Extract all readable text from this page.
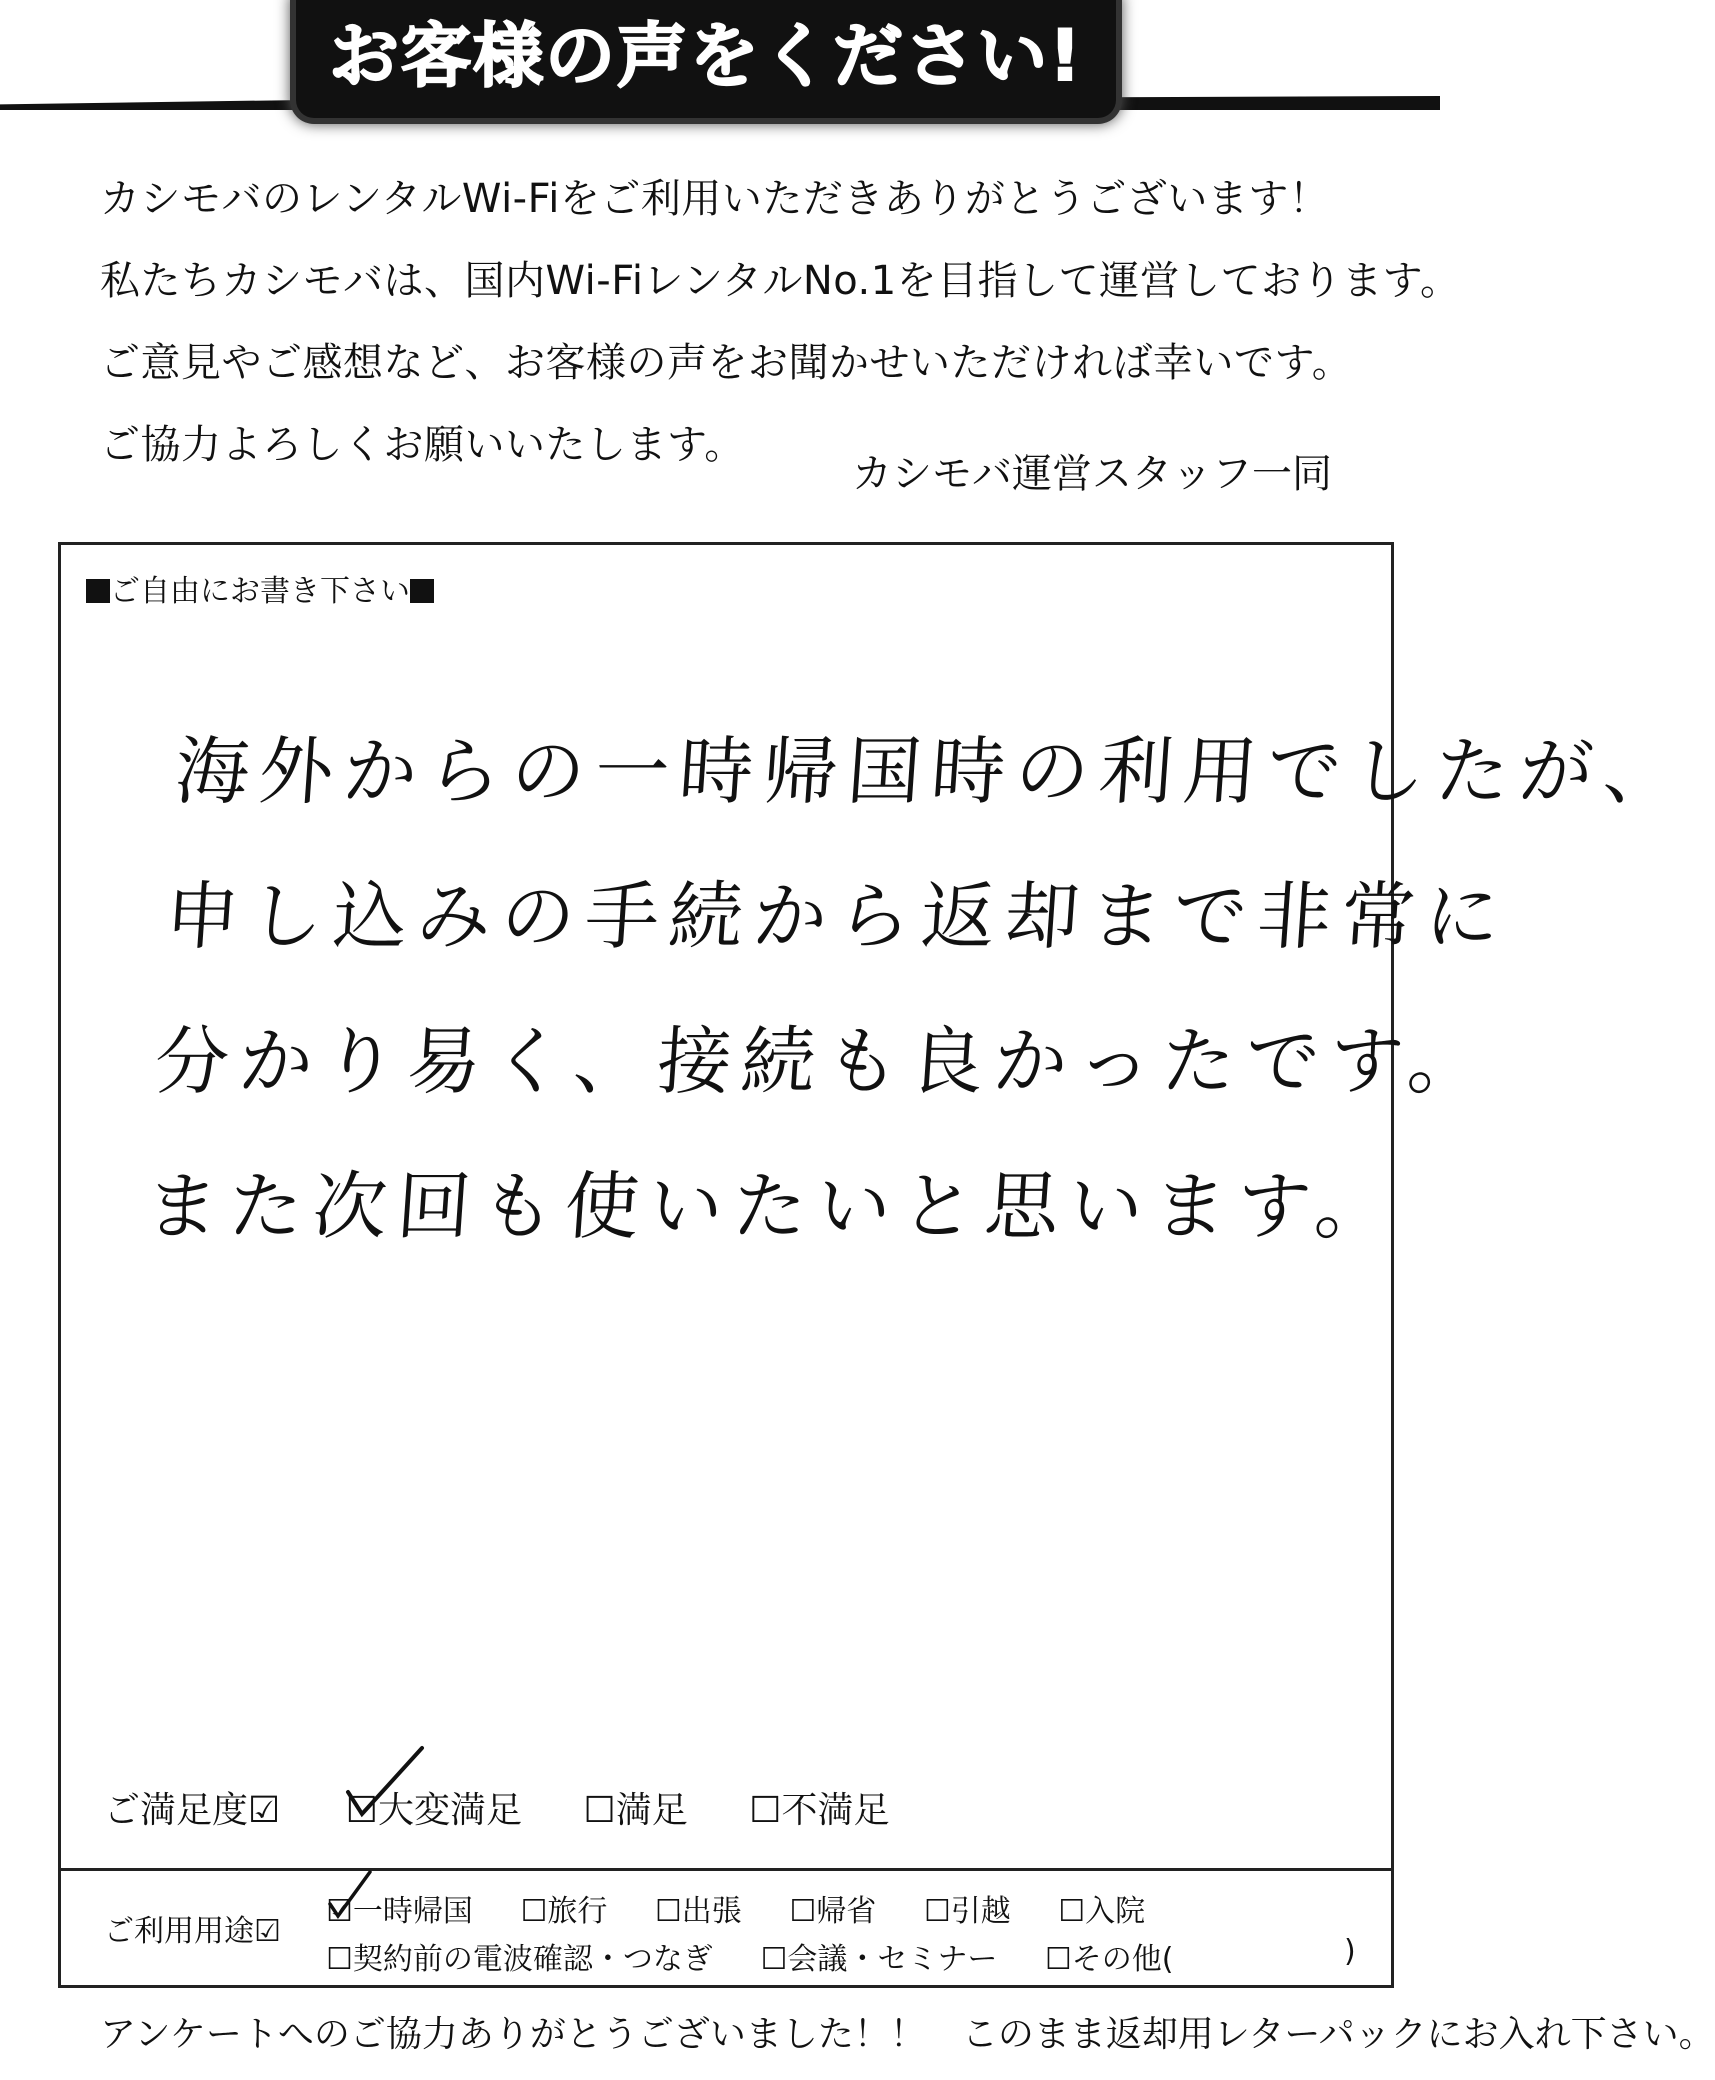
お客様の声をください!

カシモバのレンタルWi-Fiをご利用いただきありがとうございます！

私たちカシモバは、国内Wi-FiレンタルNo.1を目指して運営しております。

ご意見やご感想など、お客様の声をお聞かせいただければ幸いです。

ご協力よろしくお願いいたします。

カシモバ運営スタッフ一同
ご自由にお書き下さい
海外からの一時帰国時の利用でしたが、
申し込みの手続から返却まで非常に
分かり易く、接続も良かったです。
また次回も使いたいと思います。
ご満足度☑ ☐大変満足 ☐満足 ☐不満足
ご利用用途☑
☑一時帰国 ☐旅行 ☐出張 ☐帰省 ☐引越 ☐入院
☐契約前の電波確認・つなぎ ☐会議・セミナー ☐その他(	)
アンケートへのご協力ありがとうございました！！　このまま返却用レターパックにお入れ下さい。
